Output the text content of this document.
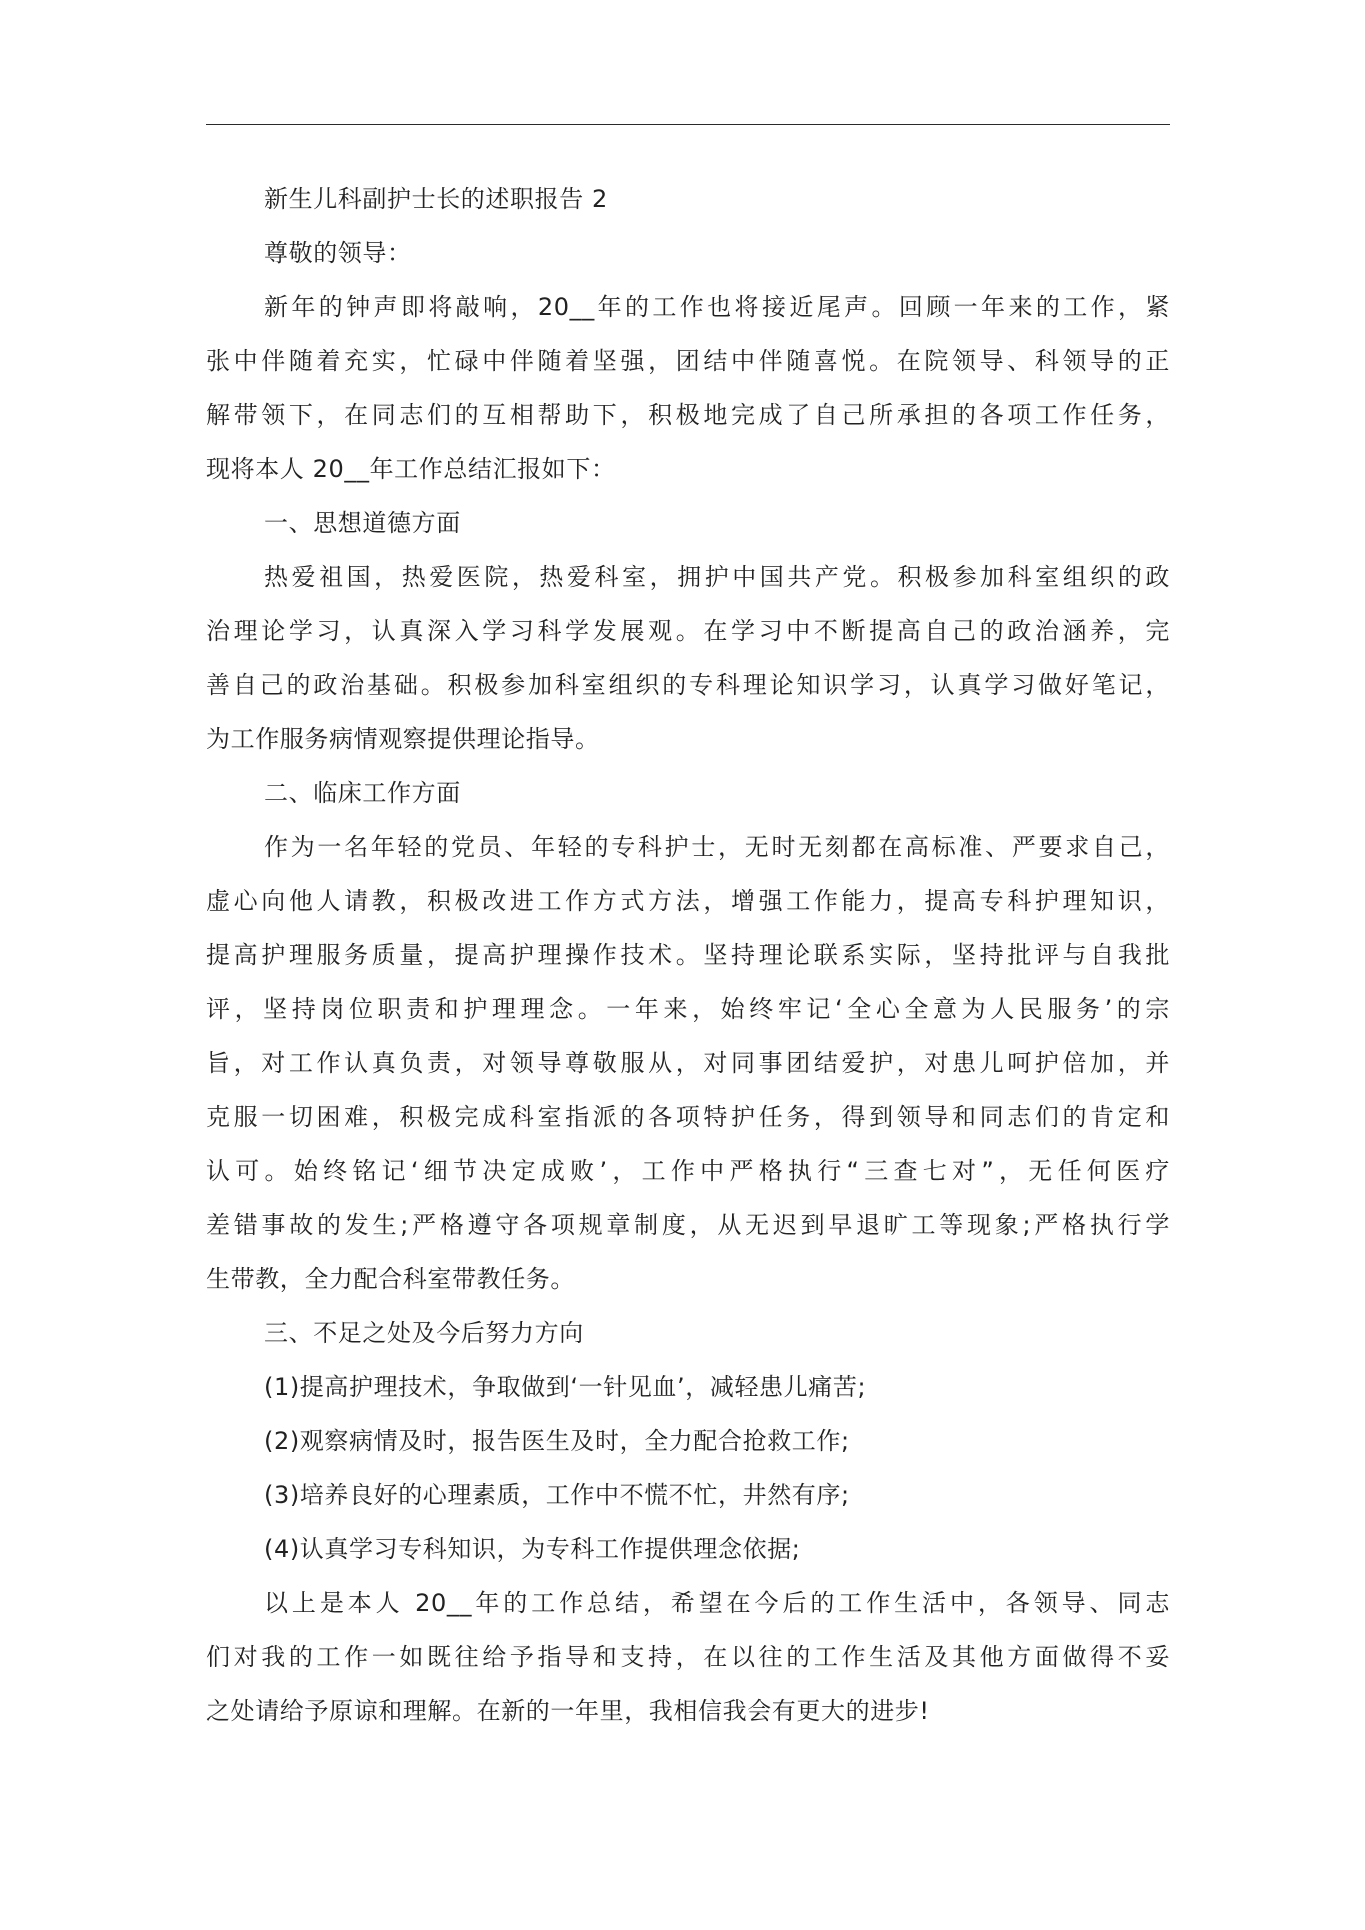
新生儿科副护士长的述职报告 2
尊敬的领导：
新年的钟声即将敲响，20__年的工作也将接近尾声。回顾一年来的工作，紧
张中伴随着充实，忙碌中伴随着坚强，团结中伴随喜悦。在院领导、科领导的正
解带领下，在同志们的互相帮助下，积极地完成了自己所承担的各项工作任务，
现将本人 20__年工作总结汇报如下：
一、思想道德方面
热爱祖国，热爱医院，热爱科室，拥护中国共产党。积极参加科室组织的政
治理论学习，认真深入学习科学发展观。在学习中不断提高自己的政治涵养，完
善自己的政治基础。积极参加科室组织的专科理论知识学习，认真学习做好笔记，
为工作服务病情观察提供理论指导。
二、临床工作方面
作为一名年轻的党员、年轻的专科护士，无时无刻都在高标准、严要求自己，
虚心向他人请教，积极改进工作方式方法，增强工作能力，提高专科护理知识，
提高护理服务质量，提高护理操作技术。坚持理论联系实际，坚持批评与自我批
评，坚持岗位职责和护理理念。一年来，始终牢记‘全心全意为人民服务’的宗
旨，对工作认真负责，对领导尊敬服从，对同事团结爱护，对患儿呵护倍加，并
克服一切困难，积极完成科室指派的各项特护任务，得到领导和同志们的肯定和
认可。始终铭记‘细节决定成败’，工作中严格执行“三查七对”，无任何医疗
差错事故的发生;严格遵守各项规章制度，从无迟到早退旷工等现象;严格执行学
生带教，全力配合科室带教任务。
三、不足之处及今后努力方向
(1)提高护理技术，争取做到‘一针见血’，减轻患儿痛苦;
(2)观察病情及时，报告医生及时，全力配合抢救工作;
(3)培养良好的心理素质，工作中不慌不忙，井然有序;
(4)认真学习专科知识，为专科工作提供理念依据;
以上是本人 20__年的工作总结，希望在今后的工作生活中，各领导、同志
们对我的工作一如既往给予指导和支持，在以往的工作生活及其他方面做得不妥
之处请给予原谅和理解。在新的一年里，我相信我会有更大的进步!
